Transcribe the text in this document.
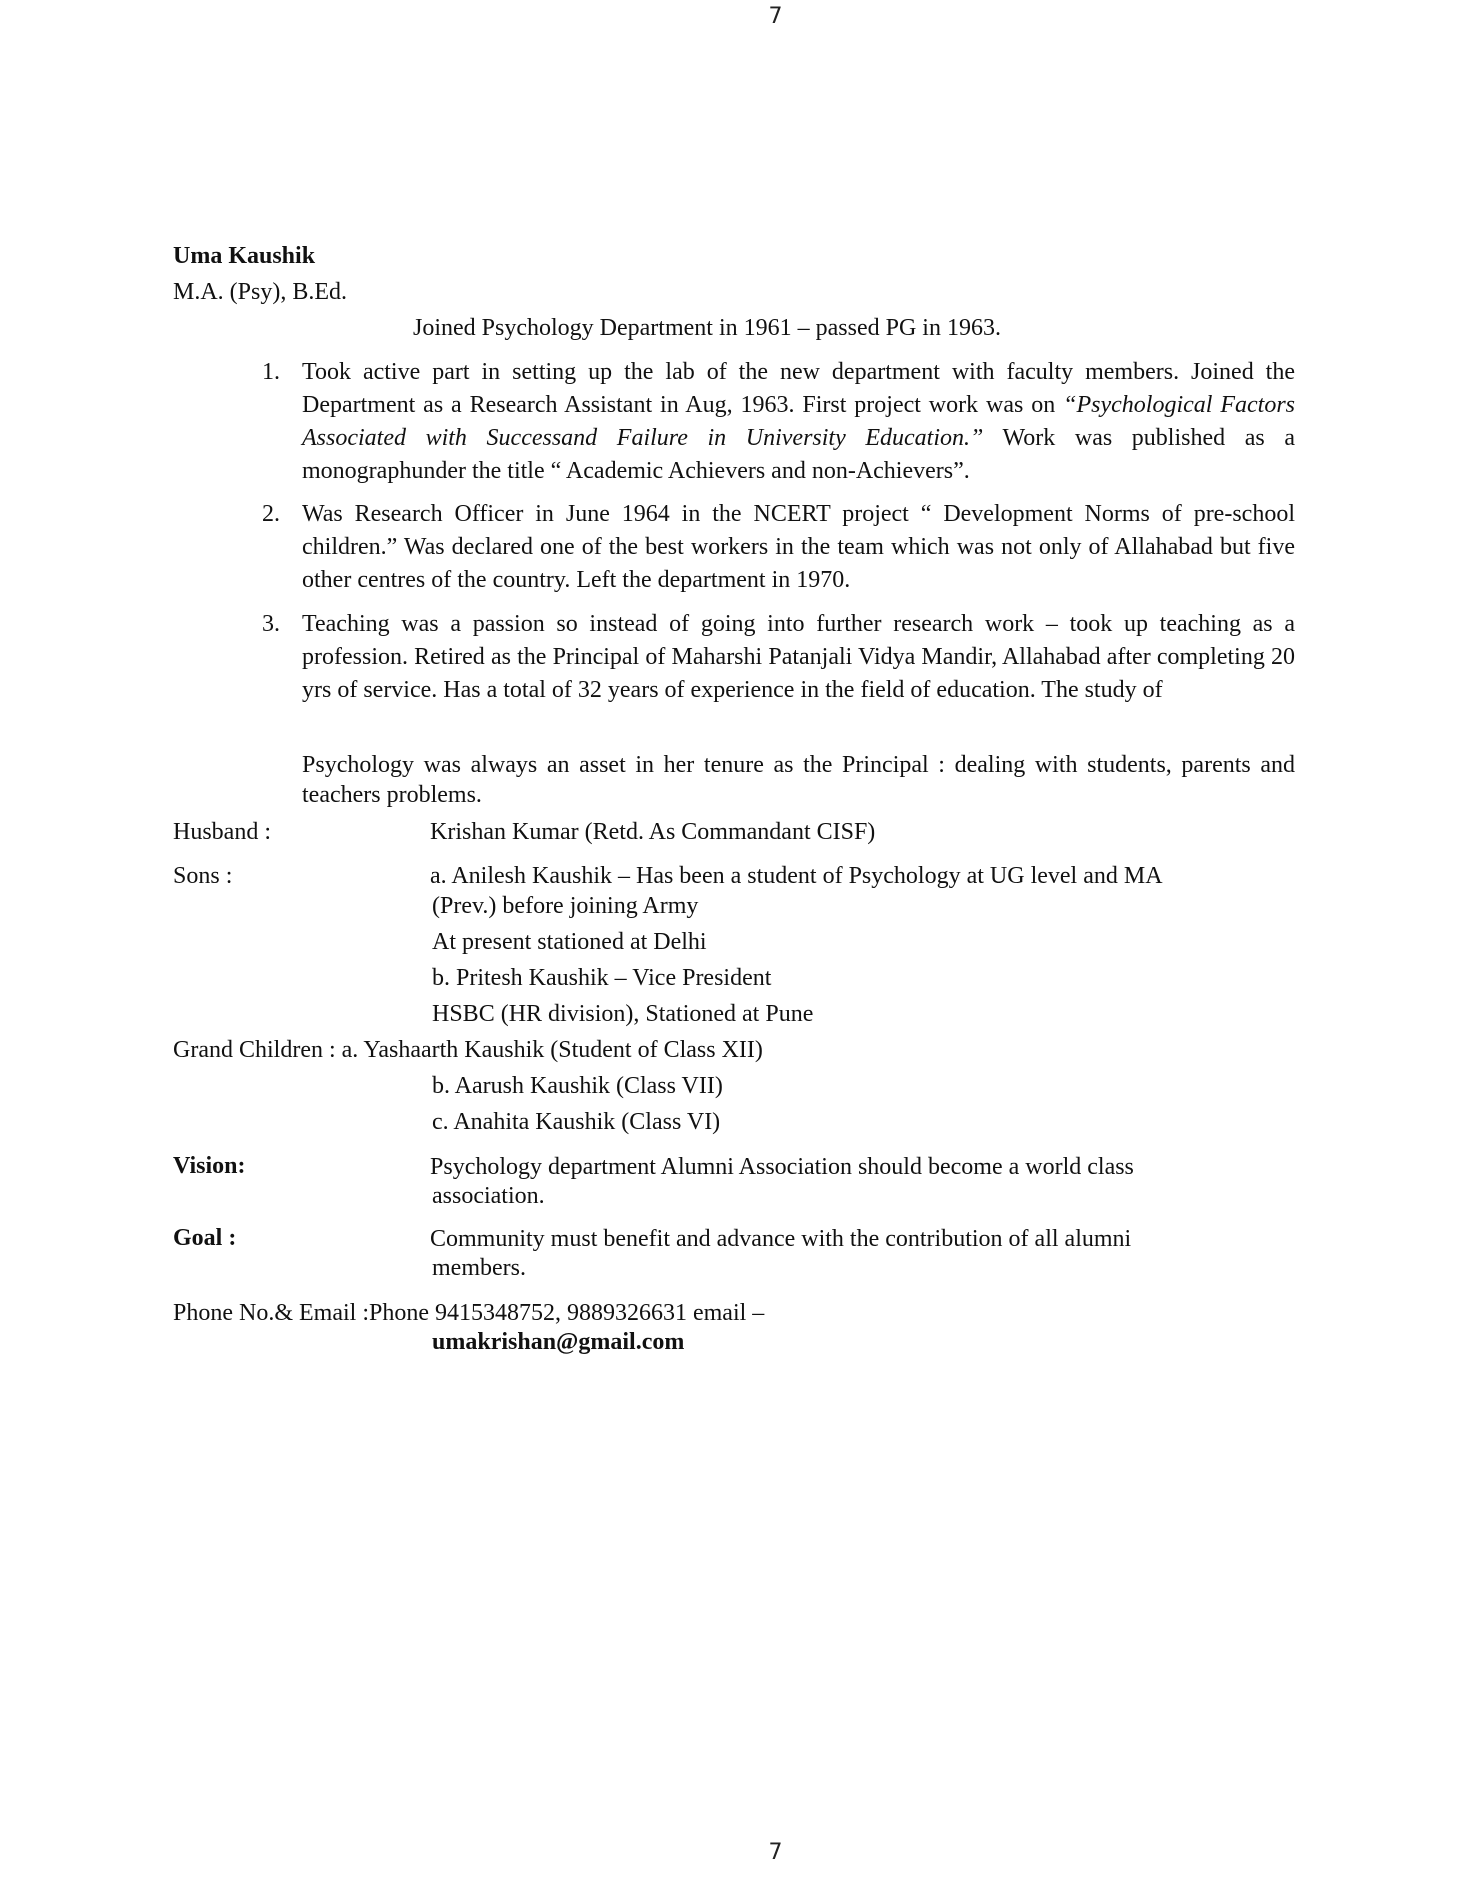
7
Uma Kaushik
M.A. (Psy), B.Ed.
Joined Psychology Department in 1961 – passed PG in 1963.
1. Took active part in setting up the lab of the new department with faculty members. Joined the Department as a Research Assistant in Aug, 1963. First project work was on “Psychological Factors Associated with Successand Failure in University Education.” Work was published as a monographunder the title “ Academic Achievers and non-Achievers”.
2. Was Research Officer in June 1964 in the NCERT project “ Development Norms of pre-school children.” Was declared one of the best workers in the team which was not only of Allahabad but five other centres of the country. Left the department in 1970.
3. Teaching was a passion so instead of going into further research work – took up teaching as a profession. Retired as the Principal of Maharshi Patanjali Vidya Mandir, Allahabad after completing 20 yrs of service. Has a total of 32 years of experience in the field of education. The study of
Psychology was always an asset in her tenure as the Principal : dealing with students, parents and teachers problems.
Husband :	Krishan Kumar (Retd. As Commandant CISF)
Sons :	a. Anilesh Kaushik – Has been a student of Psychology at UG level and MA
(Prev.) before joining Army
At present stationed at Delhi
b. Pritesh Kaushik – Vice President
HSBC (HR division), Stationed at Pune
Grand Children : a. Yashaarth Kaushik (Student of Class XII)
b. Aarush Kaushik (Class VII)
c. Anahita Kaushik (Class VI)
Vision:	Psychology department Alumni Association should become a world class
association.
Goal :	Community must benefit and advance with the contribution of all alumni
members.
Phone No.& Email :Phone 9415348752, 9889326631 email –
umakrishan@gmail.com
7
